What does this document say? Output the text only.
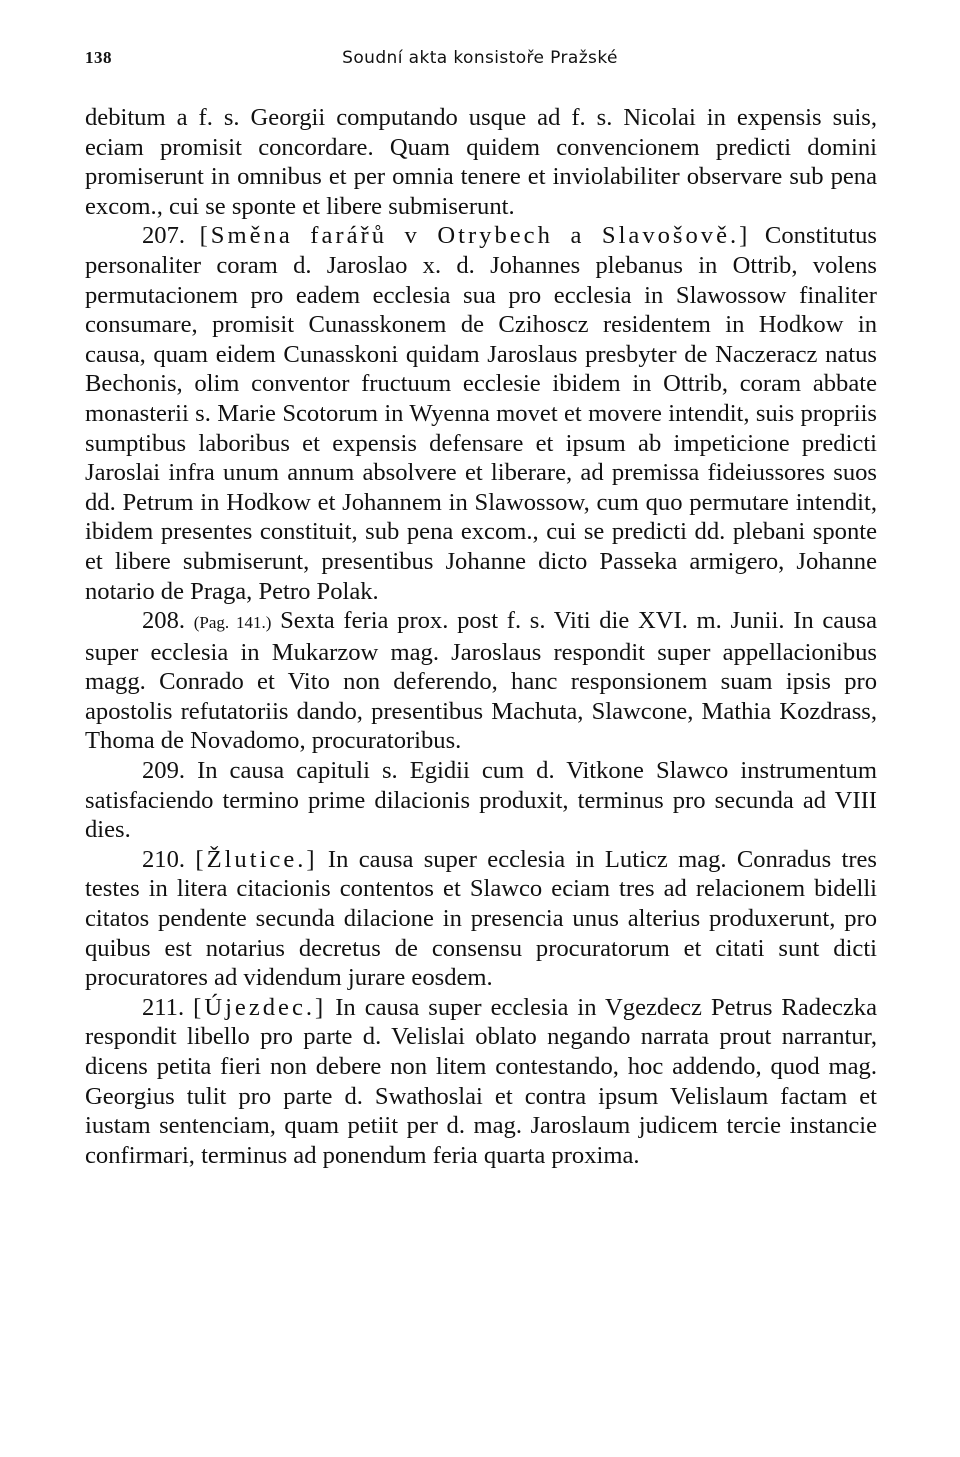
138	Soudní akta konsistoře Pražské

debitum a f. s. Georgii computando usque ad f. s. Nicolai in expensis suis, eciam promisit concordare. Quam quidem convencionem predicti domini promiserunt in omnibus et per omnia tenere et inviolabiliter observare sub pena excom., cui se sponte et libere submiserunt.

207. [Směna farářů v Otrybech a Slavošově.] Constitutus personaliter coram d. Jaroslao x. d. Johannes plebanus in Ottrib, volens permutacionem pro eadem ecclesia sua pro ecclesia in Slawossow finaliter consumare, promisit Cunasskonem de Czihoscz residentem in Hodkow in causa, quam eidem Cunasskoni quidam Jaroslaus presbyter de Naczeracz natus Bechonis, olim conventor fructuum ecclesie ibidem in Ottrib, coram abbate monasterii s. Marie Scotorum in Wyenna movet et movere intendit, suis propriis sumptibus laboribus et expensis defensare et ipsum ab impeticione predicti Jaroslai infra unum annum absolvere et liberare, ad premissa fideiussores suos dd. Petrum in Hodkow et Johannem in Slawossow, cum quo permutare intendit, ibidem presentes constituit, sub pena excom., cui se predicti dd. plebani sponte et libere submiserunt, presentibus Johanne dicto Passeka armigero, Johanne notario de Praga, Petro Polak.

208. (Pag. 141.) Sexta feria prox. post f. s. Viti die XVI. m. Junii. In causa super ecclesia in Mukarzow mag. Jaroslaus respondit super appellacionibus magg. Conrado et Vito non deferendo, hanc responsionem suam ipsis pro apostolis refutatoriis dando, presentibus Machuta, Slawcone, Mathia Kozdrass, Thoma de Novadomo, procuratoribus.

209. In causa capituli s. Egidii cum d. Vitkone Slawco instrumentum satisfaciendo termino prime dilacionis produxit, terminus pro secunda ad VIII dies.

210. [Žlutice.] In causa super ecclesia in Luticz mag. Conradus tres testes in litera citacionis contentos et Slawco eciam tres ad relacionem bidelli citatos pendente secunda dilacione in presencia unus alterius produxerunt, pro quibus est notarius decretus de consensu procuratorum et citati sunt dicti procuratores ad videndum jurare eosdem.

211. [Újezdec.] In causa super ecclesia in Vgezdecz Petrus Radeczka respondit libello pro parte d. Velislai oblato negando narrata prout narrantur, dicens petita fieri non debere non litem contestando, hoc addendo, quod mag. Georgius tulit pro parte d. Swathoslai et contra ipsum Velislaum factam et iustam sentenciam, quam petiit per d. mag. Jaroslaum judicem tercie instancie confirmari, terminus ad ponendum feria quarta proxima.
